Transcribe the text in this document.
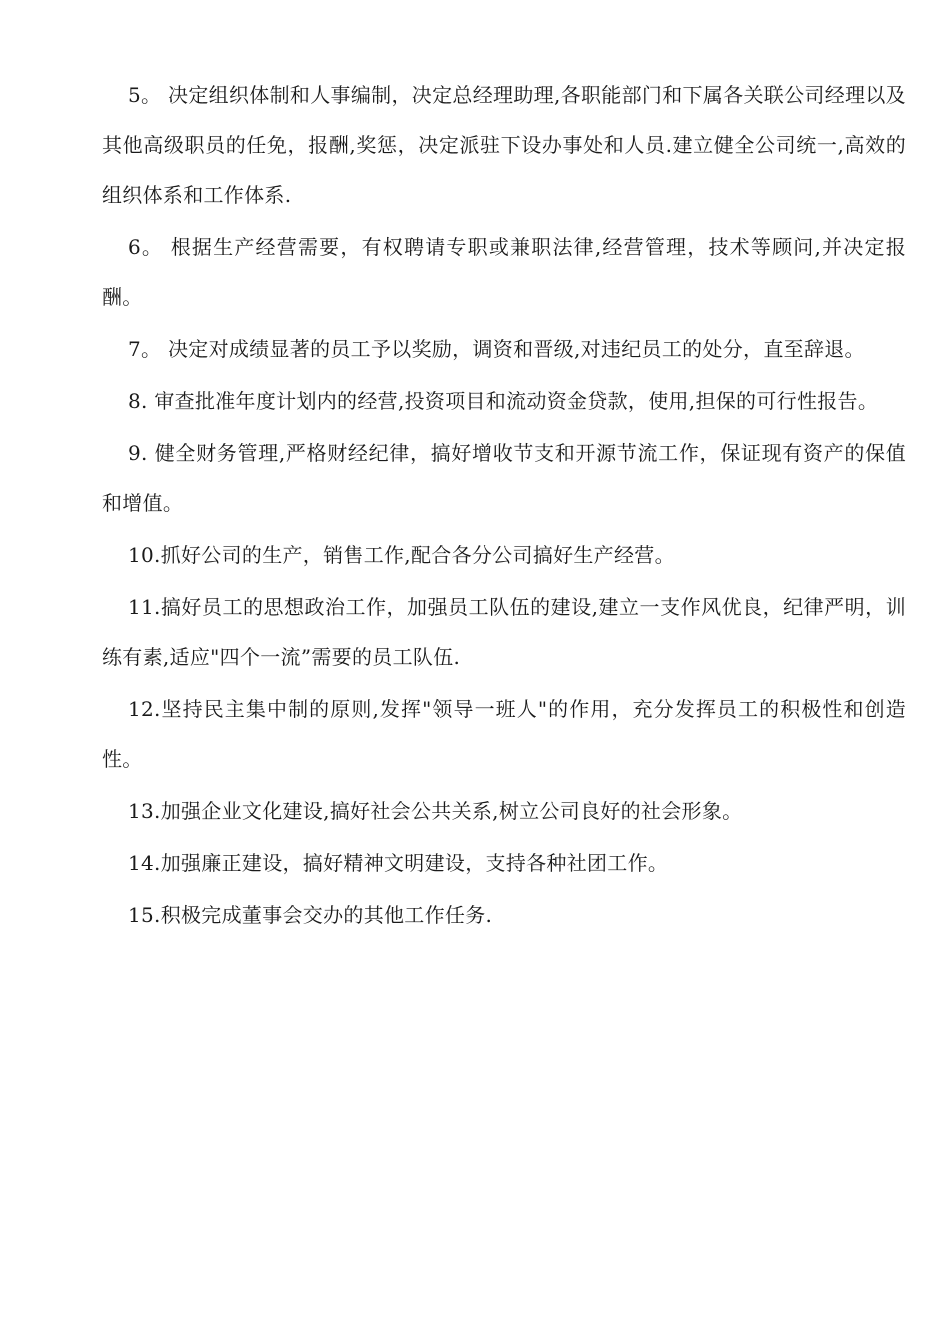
5。 决定组织体制和人事编制，决定总经理助理,各职能部门和下属各关联公司经理以及其他高级职员的任免，报酬,奖惩，决定派驻下设办事处和人员.建立健全公司统一,高效的组织体系和工作体系.

6。 根据生产经营需要，有权聘请专职或兼职法律,经营管理，技术等顾问,并决定报酬。

7。 决定对成绩显著的员工予以奖励，调资和晋级,对违纪员工的处分，直至辞退。

8. 审查批准年度计划内的经营,投资项目和流动资金贷款，使用,担保的可行性报告。

9. 健全财务管理,严格财经纪律，搞好增收节支和开源节流工作，保证现有资产的保值和增值。

10.抓好公司的生产，销售工作,配合各分公司搞好生产经营。

11.搞好员工的思想政治工作，加强员工队伍的建设,建立一支作风优良，纪律严明，训练有素,适应"四个一流”需要的员工队伍.

12.坚持民主集中制的原则,发挥"领导一班人"的作用，充分发挥员工的积极性和创造性。

13.加强企业文化建设,搞好社会公共关系,树立公司良好的社会形象。

14.加强廉正建设，搞好精神文明建设，支持各种社团工作。

15.积极完成董事会交办的其他工作任务.
